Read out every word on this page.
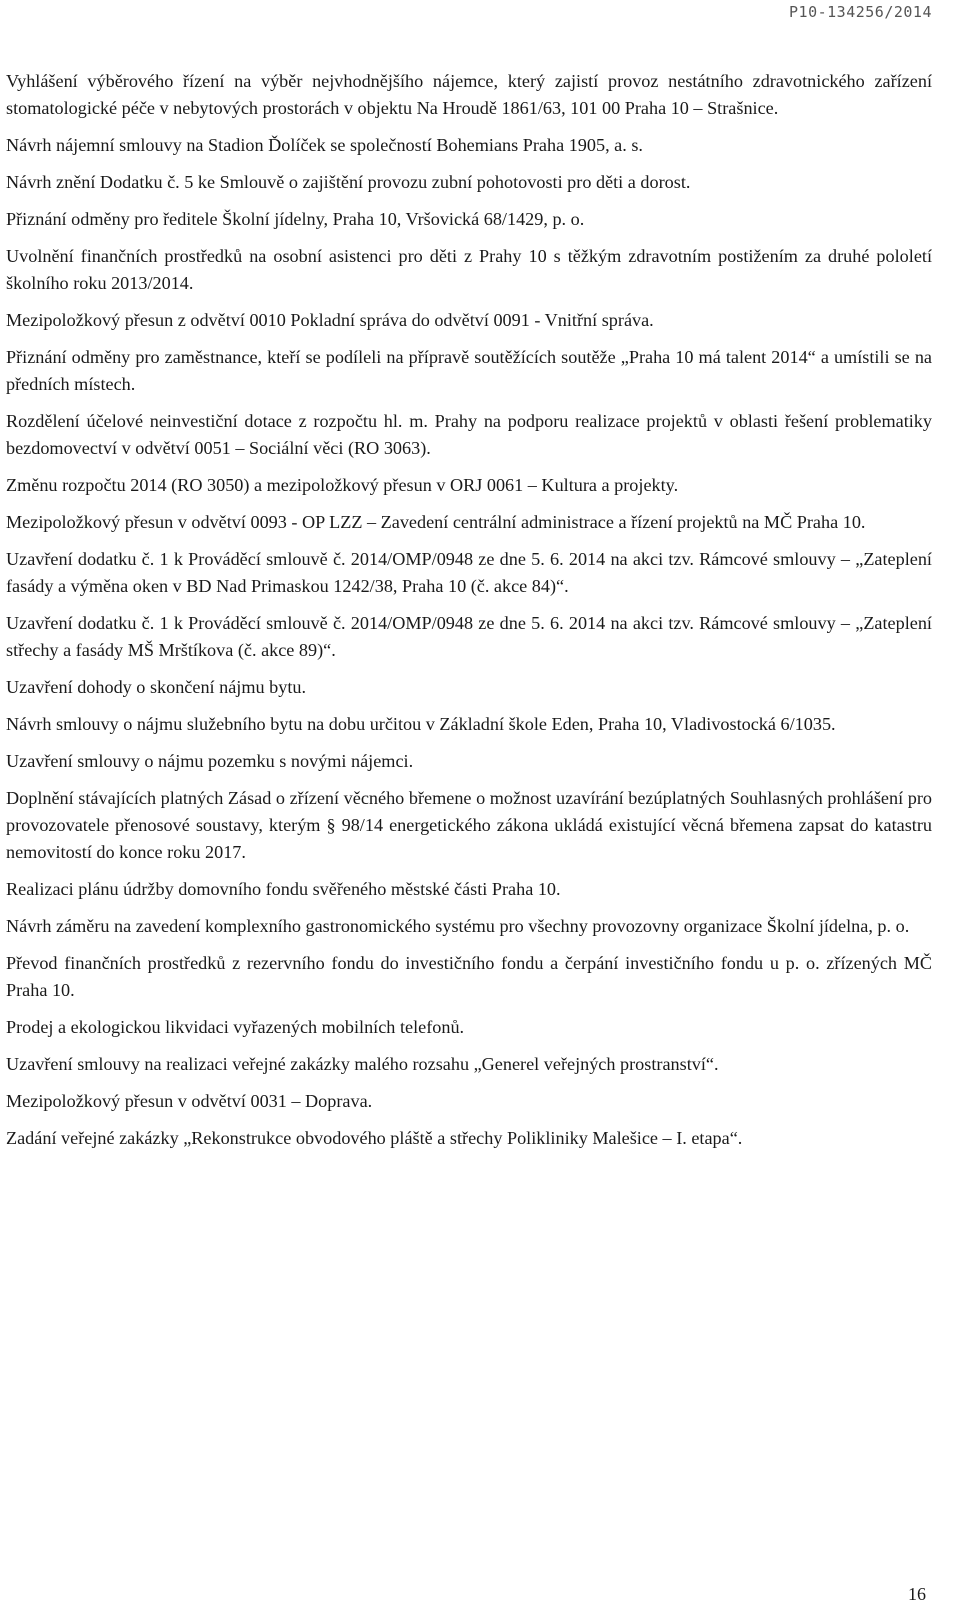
P10-134256/2014
Vyhlášení výběrového řízení na výběr nejvhodnějšího nájemce, který zajistí provoz nestátního zdravotnického zařízení stomatologické péče v nebytových prostorách v objektu Na Hroudě 1861/63, 101 00 Praha 10 – Strašnice.
Návrh nájemní smlouvy na Stadion Ďolíček se společností Bohemians Praha 1905, a. s.
Návrh znění Dodatku č. 5 ke Smlouvě o zajištění provozu zubní pohotovosti pro děti a dorost.
Přiznání odměny pro ředitele Školní jídelny, Praha 10, Vršovická 68/1429, p. o.
Uvolnění finančních prostředků na osobní asistenci pro děti z Prahy 10 s těžkým zdravotním postižením za druhé pololetí školního roku 2013/2014.
Mezipoložkový přesun z odvětví 0010 Pokladní správa do odvětví 0091 - Vnitřní správa.
Přiznání odměny pro zaměstnance, kteří se podíleli na přípravě soutěžících soutěže „Praha 10 má talent 2014“ a umístili se na předních místech.
Rozdělení účelové neinvestiční dotace z rozpočtu hl. m. Prahy na podporu realizace projektů v oblasti řešení problematiky bezdomovectví v odvětví 0051 – Sociální věci (RO 3063).
Změnu rozpočtu 2014 (RO 3050) a mezipoložkový přesun v ORJ 0061 – Kultura a projekty.
Mezipoložkový přesun v odvětví 0093 - OP LZZ – Zavedení centrální administrace a řízení projektů na MČ Praha 10.
Uzavření dodatku č. 1 k Prováděcí smlouvě č. 2014/OMP/0948 ze dne 5. 6. 2014 na akci tzv. Rámcové smlouvy – „Zateplení fasády a výměna oken v BD Nad Primaskou 1242/38, Praha 10 (č. akce 84)“.
Uzavření dodatku č. 1 k Prováděcí smlouvě č. 2014/OMP/0948 ze dne 5. 6. 2014 na akci tzv. Rámcové smlouvy – „Zateplení střechy a fasády MŠ Mrštíkova (č. akce 89)“.
Uzavření dohody o skončení nájmu bytu.
Návrh smlouvy o nájmu služebního bytu na dobu určitou v Základní škole Eden, Praha 10, Vladivostocká 6/1035.
Uzavření smlouvy o nájmu pozemku s novými nájemci.
Doplnění stávajících platných Zásad o zřízení věcného břemene o možnost uzavírání bezúplatných Souhlasných prohlášení pro provozovatele přenosové soustavy, kterým § 98/14 energetického zákona ukládá existující věcná břemena zapsat do katastru nemovitostí do konce roku 2017.
Realizaci plánu údržby domovního fondu svěřeného městské části Praha 10.
Návrh záměru na zavedení komplexního gastronomického systému pro všechny provozovny organizace Školní jídelna, p. o.
Převod finančních prostředků z rezervního fondu do investičního fondu a čerpání investičního fondu u p. o. zřízených MČ Praha 10.
Prodej a ekologickou likvidaci vyřazených mobilních telefonů.
Uzavření smlouvy na realizaci veřejné zakázky malého rozsahu „Generel veřejných prostranství“.
Mezipoložkový přesun v odvětví 0031 – Doprava.
Zadání veřejné zakázky „Rekonstrukce obvodového pláště a střechy Polikliniky Malešice – I. etapa“.
16
